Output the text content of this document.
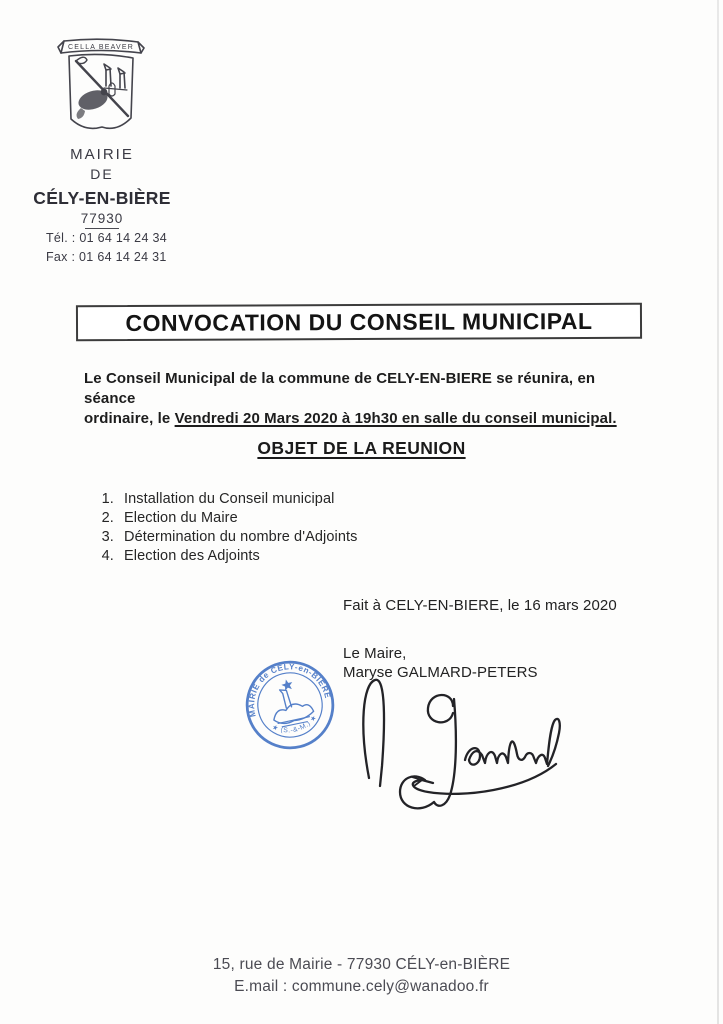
CELLA BEAVER
MAIRIE
DE
CÉLY-EN-BIÈRE
77930
Tél. : 01 64 14 24 34
Fax : 01 64 14 24 31
CONVOCATION DU CONSEIL MUNICIPAL
Le Conseil Municipal de la commune de CELY-EN-BIERE se réunira, en séance
ordinaire, le Vendredi 20 Mars 2020 à 19h30 en salle du conseil municipal.
OBJET DE LA REUNION
1. Installation du Conseil municipal
2. Election du Maire
3. Détermination du nombre d'Adjoints
4. Election des Adjoints
Fait à CELY-EN-BIERE, le 16 mars 2020
Le Maire,
Maryse GALMARD-PETERS
MAIRIE de CÉLY-en-BIÈRE
★ (S.-&-M.) ★
15, rue de Mairie - 77930 CÉLY-en-BIÈRE
E.mail : commune.cely@wanadoo.fr
